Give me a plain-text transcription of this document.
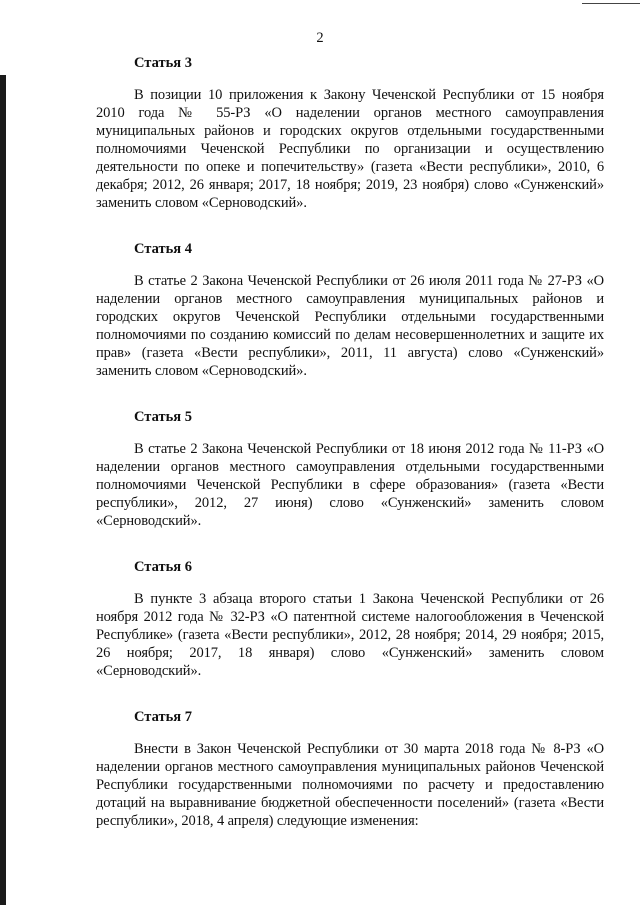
2
Статья 3

В позиции 10 приложения к Закону Чеченской Республики от 15 ноября 2010 года № 55-РЗ «О наделении органов местного самоуправления муниципальных районов и городских округов отдельными государственными полномочиями Чеченской Республики по организации и осуществлению деятельности по опеке и попечительству» (газета «Вести республики», 2010, 6 декабря; 2012, 26 января; 2017, 18 ноября; 2019, 23 ноября) слово «Сунженский» заменить словом «Серноводский».

Статья 4

В статье 2 Закона Чеченской Республики от 26 июля 2011 года № 27-РЗ «О наделении органов местного самоуправления муниципальных районов и городских округов Чеченской Республики отдельными государственными полномочиями по созданию комиссий по делам несовершеннолетних и защите их прав» (газета «Вести республики», 2011, 11 августа) слово «Сунженский» заменить словом «Серноводский».

Статья 5

В статье 2 Закона Чеченской Республики от 18 июня 2012 года № 11-РЗ «О наделении органов местного самоуправления отдельными государственными полномочиями Чеченской Республики в сфере образования» (газета «Вести республики», 2012, 27 июня) слово «Сунженский» заменить словом «Серноводский».

Статья 6

В пункте 3 абзаца второго статьи 1 Закона Чеченской Республики от 26 ноября 2012 года № 32-РЗ «О патентной системе налогообложения в Чеченской Республике» (газета «Вести республики», 2012, 28 ноября; 2014, 29 ноября; 2015, 26 ноября; 2017, 18 января) слово «Сунженский» заменить словом «Серноводский».

Статья 7

Внести в Закон Чеченской Республики от 30 марта 2018 года № 8-РЗ «О наделении органов местного самоуправления муниципальных районов Чеченской Республики государственными полномочиями по расчету и предоставлению дотаций на выравнивание бюджетной обеспеченности поселений» (газета «Вести республики», 2018, 4 апреля) следующие изменения:
